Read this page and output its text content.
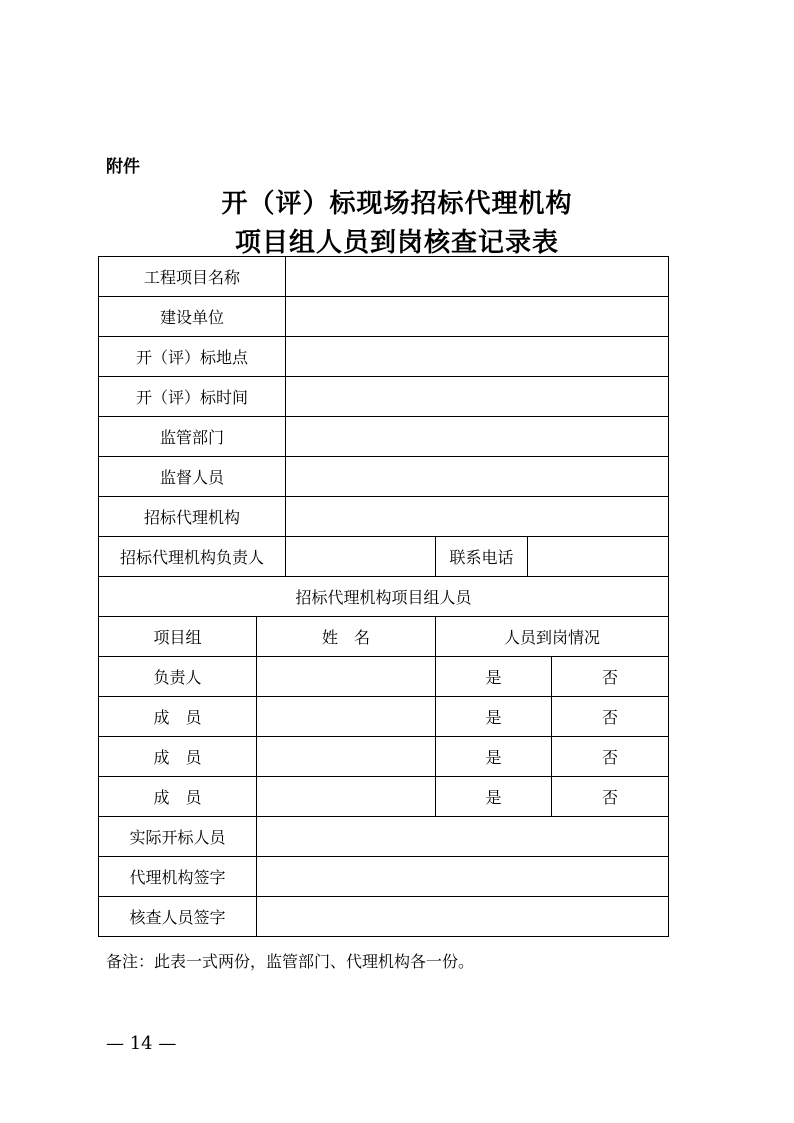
附件
开（评）标现场招标代理机构
项目组人员到岗核查记录表
工程项目名称					
建设单位					
开（评）标地点					
开（评）标时间					
监管部门					
监督人员					
招标代理机构					
招标代理机构负责人			联系电话		
招标代理机构项目组人员					
项目组	姓　名		人员到岗情况		
负责人			是		否
成　员			是		否
成　员			是		否
成　员			是		否
实际开标人员					
代理机构签字					
核查人员签字					
备注：此表一式两份，监管部门、代理机构各一份。
— 14 —
